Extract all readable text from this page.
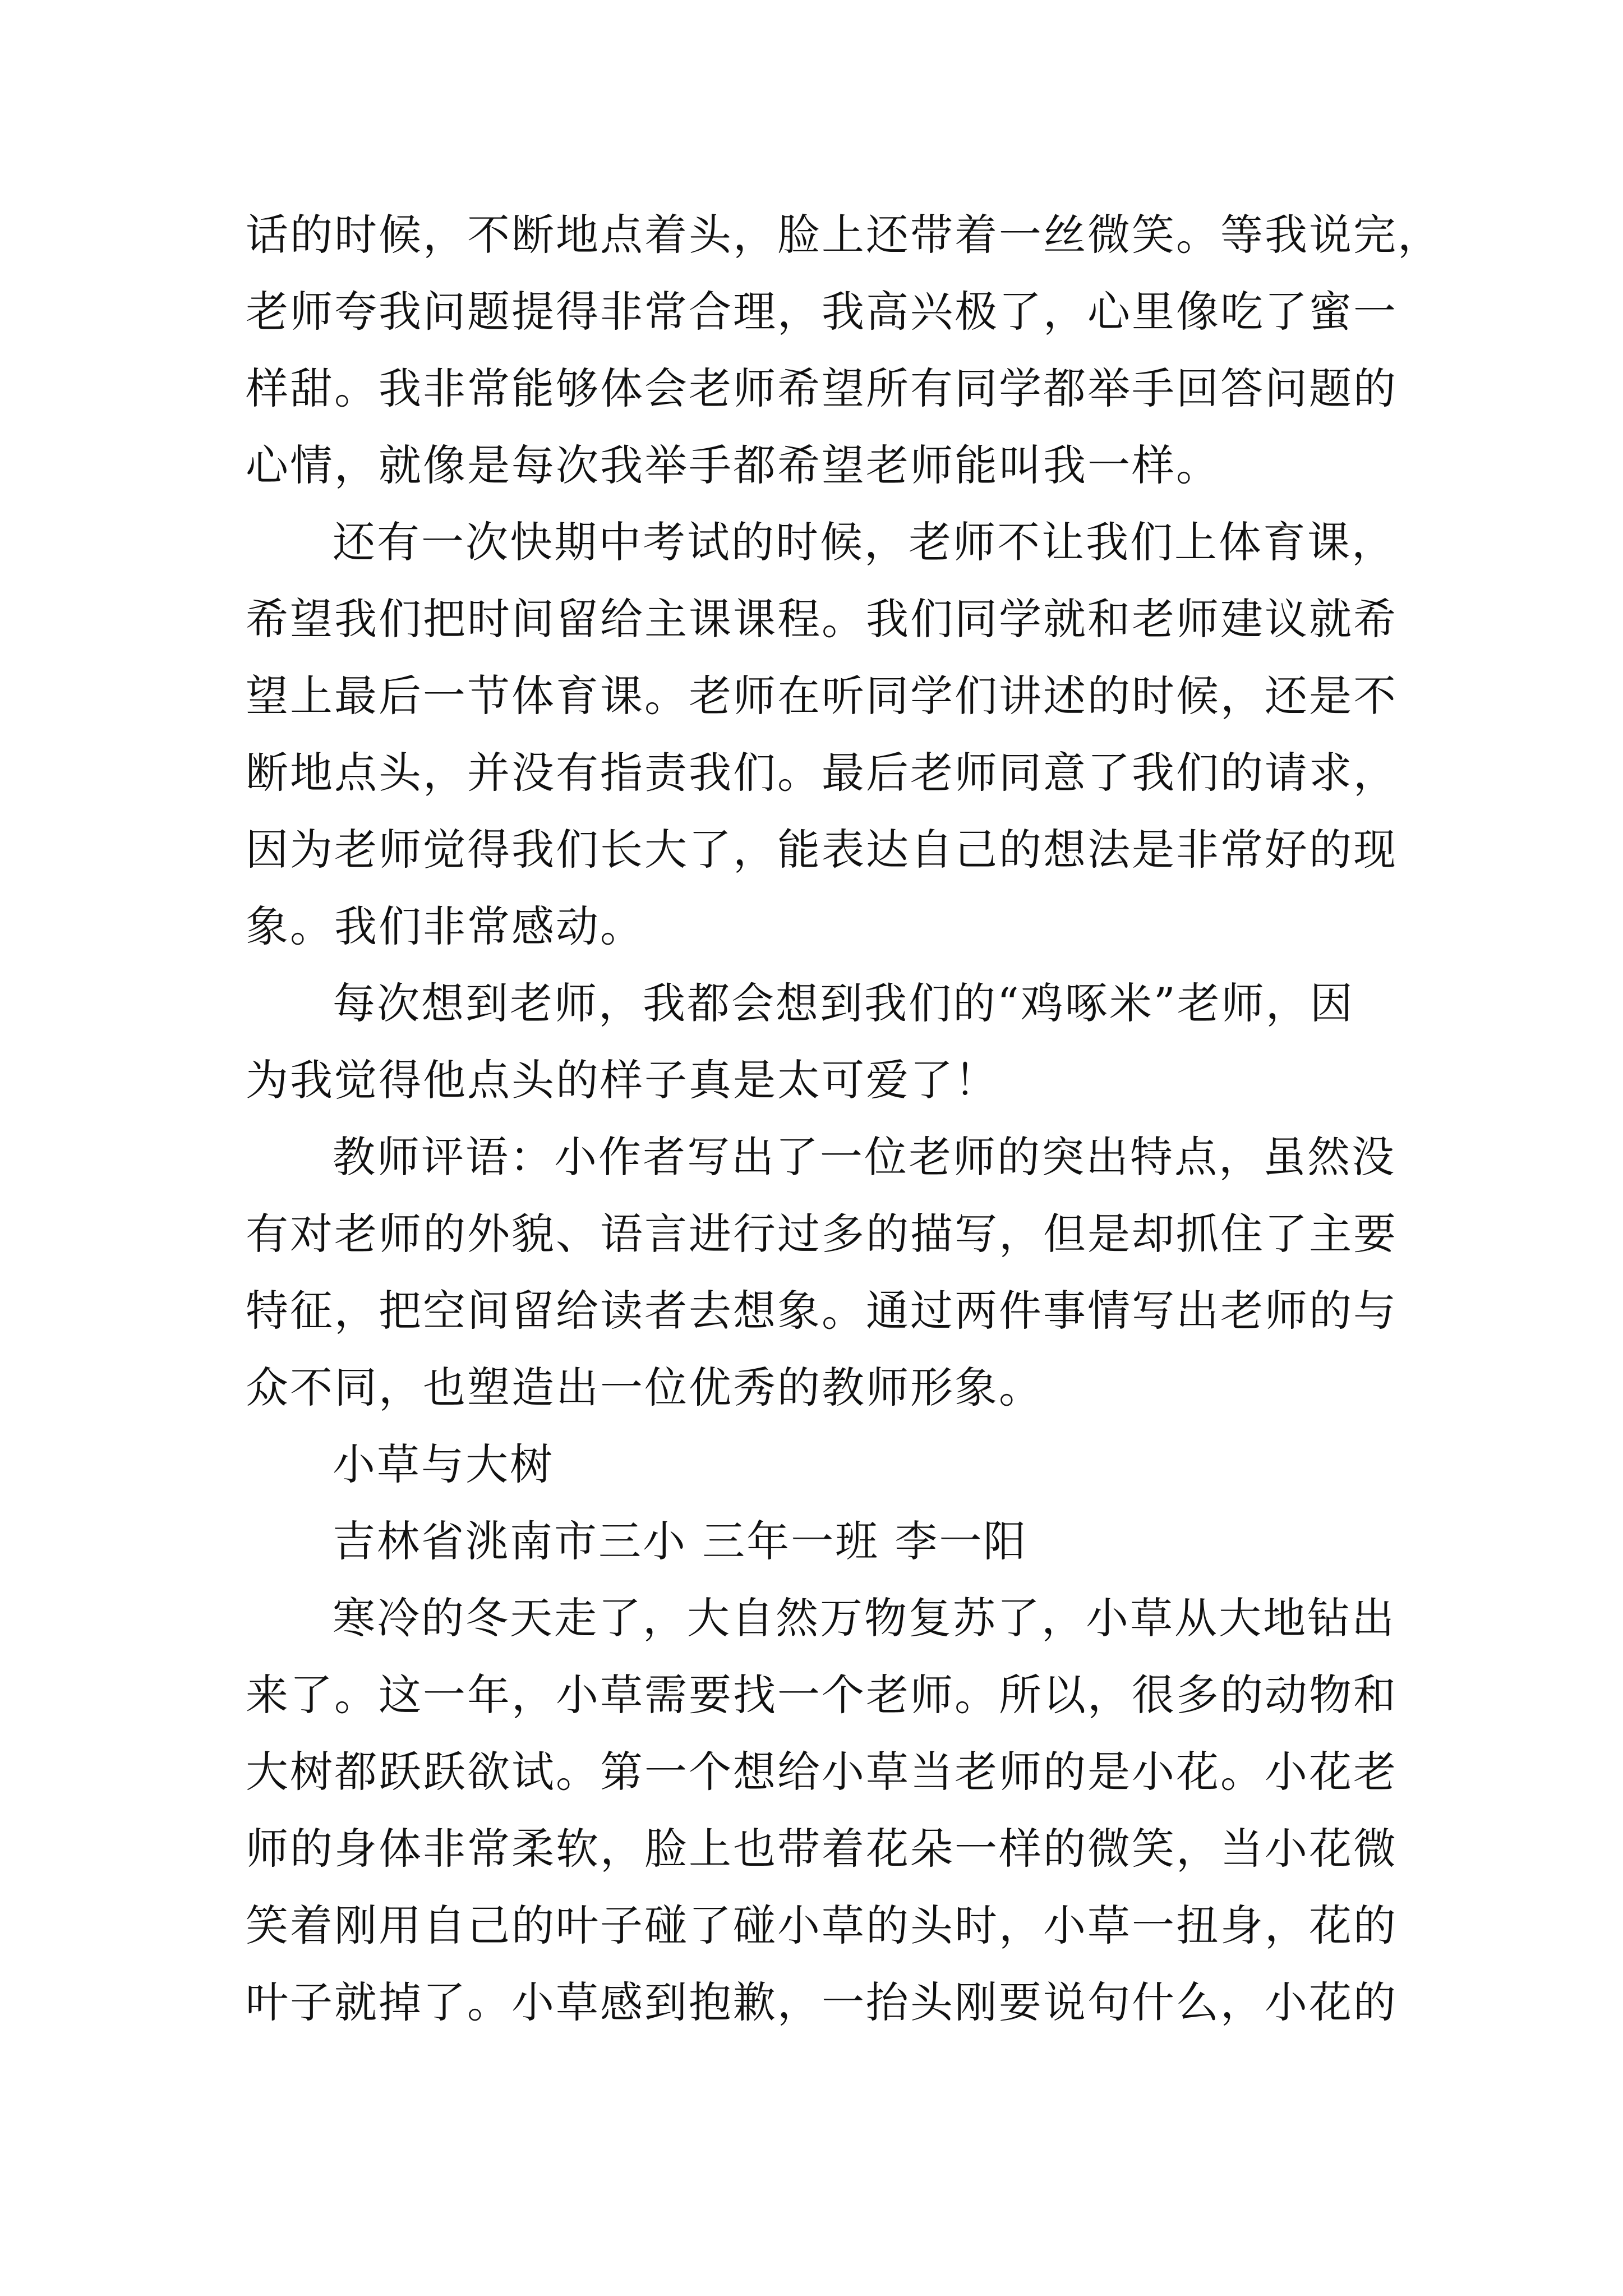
话的时候，不断地点着头，脸上还带着一丝微笑。等我说完，
老师夸我问题提得非常合理，我高兴极了，心里像吃了蜜一
样甜。我非常能够体会老师希望所有同学都举手回答问题的
心情，就像是每次我举手都希望老师能叫我一样。
还有一次快期中考试的时候，老师不让我们上体育课，
希望我们把时间留给主课课程。我们同学就和老师建议就希
望上最后一节体育课。老师在听同学们讲述的时候，还是不
断地点头，并没有指责我们。最后老师同意了我们的请求，
因为老师觉得我们长大了，能表达自己的想法是非常好的现
象。我们非常感动。
每次想到老师，我都会想到我们的“鸡啄米”老师，因
为我觉得他点头的样子真是太可爱了！
教师评语：小作者写出了一位老师的突出特点，虽然没
有对老师的外貌、语言进行过多的描写，但是却抓住了主要
特征，把空间留给读者去想象。通过两件事情写出老师的与
众不同，也塑造出一位优秀的教师形象。
小草与大树
吉林省洮南市三小 三年一班 李一阳
寒冷的冬天走了，大自然万物复苏了，小草从大地钻出
来了。这一年，小草需要找一个老师。所以，很多的动物和
大树都跃跃欲试。第一个想给小草当老师的是小花。小花老
师的身体非常柔软，脸上也带着花朵一样的微笑，当小花微
笑着刚用自己的叶子碰了碰小草的头时，小草一扭身，花的
叶子就掉了。小草感到抱歉，一抬头刚要说句什么，小花的
